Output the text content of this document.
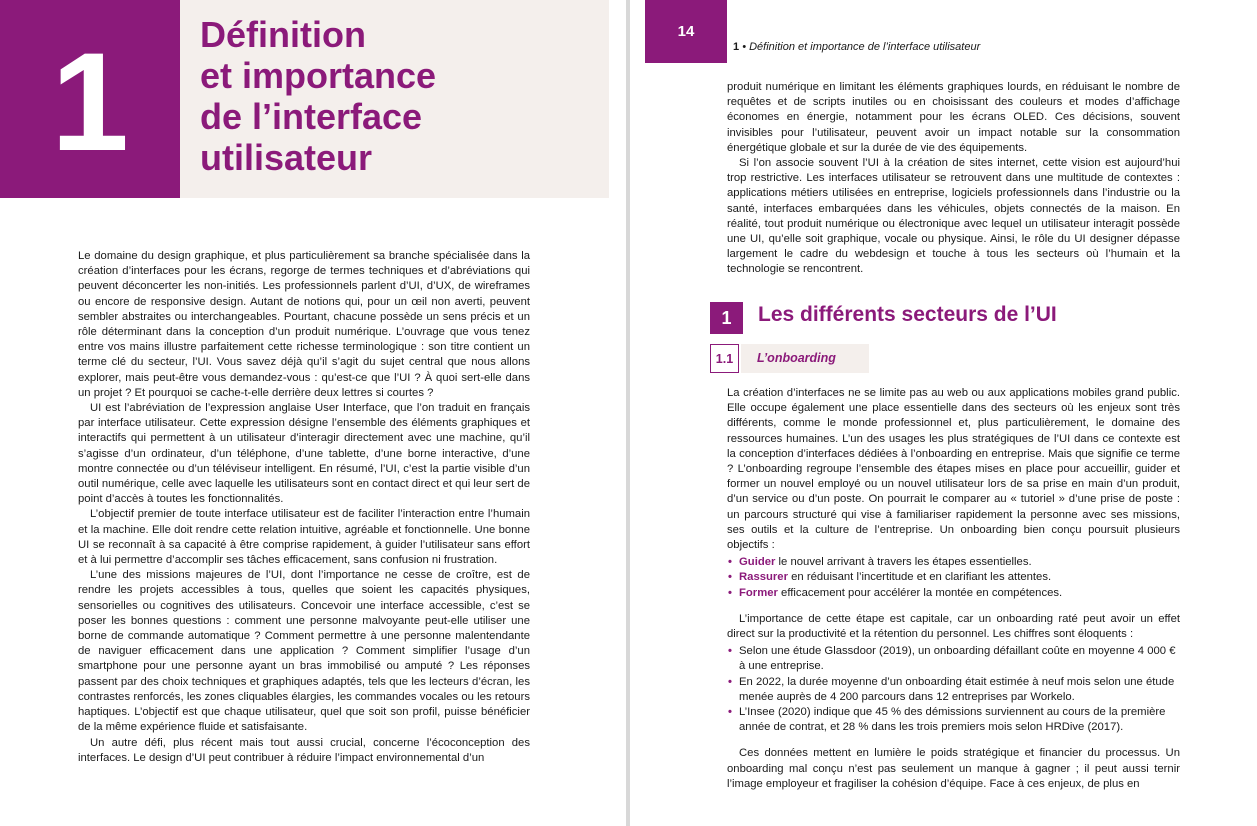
1	Définition
et importance
de l’interface
utilisateur

Le domaine du design graphique, et plus particulièrement sa branche spécialisée dans la création d’interfaces pour les écrans, regorge de termes techniques et d’abréviations qui peuvent déconcerter les non-initiés. Les professionnels parlent d’UI, d’UX, de wireframes ou encore de responsive design. Autant de notions qui, pour un œil non averti, peuvent sembler abstraites ou interchangeables. Pourtant, chacune possède un sens précis et un rôle déterminant dans la conception d’un produit numérique. L’ouvrage que vous tenez entre vos mains illustre parfaitement cette richesse terminologique : son titre contient un terme clé du secteur, l’UI. Vous savez déjà qu’il s’agit du sujet central que nous allons explorer, mais peut-être vous demandez-vous : qu’est-ce que l’UI ? À quoi sert-elle dans un projet ? Et pourquoi se cache-t-elle derrière deux lettres si courtes ?

UI est l’abréviation de l’expression anglaise User Interface, que l’on traduit en français par interface utilisateur. Cette expression désigne l’ensemble des éléments graphiques et interactifs qui permettent à un utilisateur d’interagir directement avec une machine, qu’il s’agisse d’un ordinateur, d’un téléphone, d’une tablette, d’une borne interactive, d’une montre connectée ou d’un téléviseur intelligent. En résumé, l’UI, c’est la partie visible d’un outil numérique, celle avec laquelle les utilisateurs sont en contact direct et qui leur sert de point d’accès à toutes les fonctionnalités.

L’objectif premier de toute interface utilisateur est de faciliter l’interaction entre l’humain et la machine. Elle doit rendre cette relation intuitive, agréable et fonctionnelle. Une bonne UI se reconnaît à sa capacité à être comprise rapidement, à guider l’utilisateur sans effort et à lui permettre d’accomplir ses tâches efficacement, sans confusion ni frustration.

L’une des missions majeures de l’UI, dont l’importance ne cesse de croître, est de rendre les projets accessibles à tous, quelles que soient les capacités physiques, sensorielles ou cognitives des utilisateurs. Concevoir une interface accessible, c’est se poser les bonnes questions : comment une personne malvoyante peut-elle utiliser une borne de commande automatique ? Comment permettre à une personne malentendante de naviguer efficacement dans une application ? Comment simplifier l’usage d’un smartphone pour une personne ayant un bras immobilisé ou amputé ? Les réponses passent par des choix techniques et graphiques adaptés, tels que les lecteurs d’écran, les contrastes renforcés, les zones cliquables élargies, les commandes vocales ou les retours haptiques. L’objectif est que chaque utilisateur, quel que soit son profil, puisse bénéficier de la même expérience fluide et satisfaisante.

Un autre défi, plus récent mais tout aussi crucial, concerne l’écoconception des interfaces. Le design d’UI peut contribuer à réduire l’impact environnemental d’un

14
1 • Définition et importance de l’interface utilisateur

produit numérique en limitant les éléments graphiques lourds, en réduisant le nombre de requêtes et de scripts inutiles ou en choisissant des couleurs et modes d’affichage économes en énergie, notamment pour les écrans OLED. Ces décisions, souvent invisibles pour l’utilisateur, peuvent avoir un impact notable sur la consommation énergétique globale et sur la durée de vie des équipements.

Si l’on associe souvent l’UI à la création de sites internet, cette vision est aujourd’hui trop restrictive. Les interfaces utilisateur se retrouvent dans une multitude de contextes : applications métiers utilisées en entreprise, logiciels professionnels dans l’industrie ou la santé, interfaces embarquées dans les véhicules, objets connectés de la maison. En réalité, tout produit numérique ou électronique avec lequel un utilisateur interagit possède une UI, qu’elle soit graphique, vocale ou physique. Ainsi, le rôle du UI designer dépasse largement le cadre du webdesign et touche à tous les secteurs où l’humain et la technologie se rencontrent.

1	Les différents secteurs de l’UI
1.1	L’onboarding

La création d’interfaces ne se limite pas au web ou aux applications mobiles grand public. Elle occupe également une place essentielle dans des secteurs où les enjeux sont très différents, comme le monde professionnel et, plus particulièrement, le domaine des ressources humaines. L’un des usages les plus stratégiques de l’UI dans ce contexte est la conception d’interfaces dédiées à l’onboarding en entreprise. Mais que signifie ce terme ? L’onboarding regroupe l’ensemble des étapes mises en place pour accueillir, guider et former un nouvel employé ou un nouvel utilisateur lors de sa prise en main d’un produit, d’un service ou d’un poste. On pourrait le comparer au « tutoriel » d’une prise de poste : un parcours structuré qui vise à familiariser rapidement la personne avec ses missions, ses outils et la culture de l’entreprise. Un onboarding bien conçu poursuit plusieurs objectifs :

• Guider le nouvel arrivant à travers les étapes essentielles.
• Rassurer en réduisant l’incertitude et en clarifiant les attentes.
• Former efficacement pour accélérer la montée en compétences.

L’importance de cette étape est capitale, car un onboarding raté peut avoir un effet direct sur la productivité et la rétention du personnel. Les chiffres sont éloquents :

• Selon une étude Glassdoor (2019), un onboarding défaillant coûte en moyenne 4 000 € à une entreprise.
• En 2022, la durée moyenne d’un onboarding était estimée à neuf mois selon une étude menée auprès de 4 200 parcours dans 12 entreprises par Workelo.
• L’Insee (2020) indique que 45 % des démissions surviennent au cours de la première année de contrat, et 28 % dans les trois premiers mois selon HRDive (2017).

Ces données mettent en lumière le poids stratégique et financier du processus. Un onboarding mal conçu n’est pas seulement un manque à gagner ; il peut aussi ternir l’image employeur et fragiliser la cohésion d’équipe. Face à ces enjeux, de plus en
